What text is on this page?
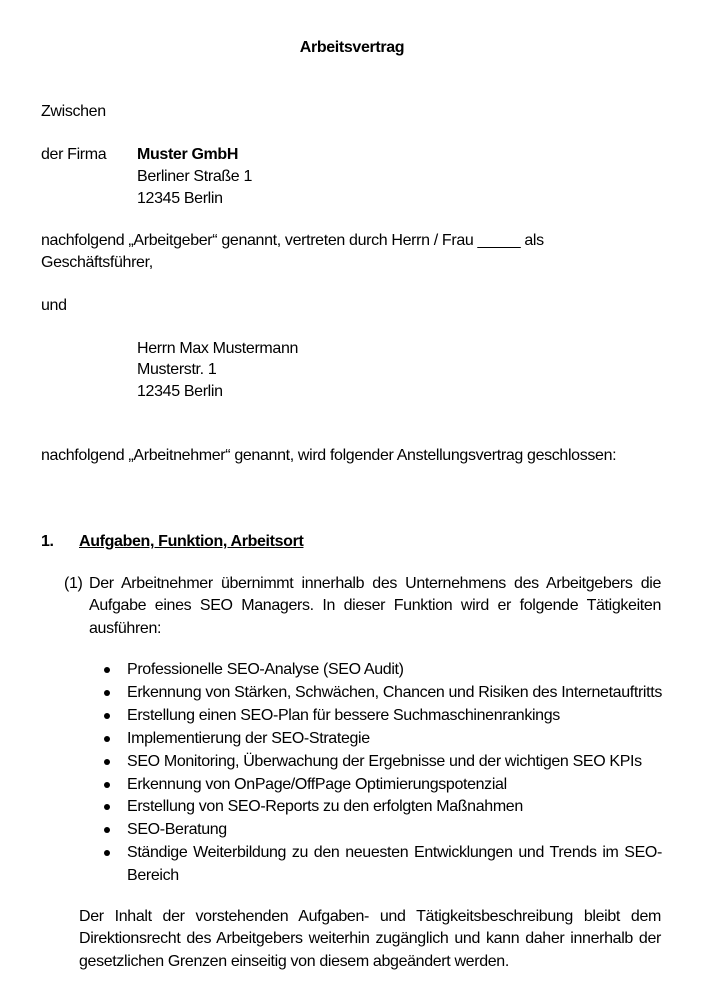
Arbeitsvertrag
Zwischen
der Firma Muster GmbH
Berliner Straße 1
12345 Berlin
nachfolgend „Arbeitgeber“ genannt, vertreten durch Herrn / Frau _____ als
Geschäftsführer,
und
Herrn Max Mustermann
Musterstr. 1
12345 Berlin
nachfolgend „Arbeitnehmer“ genannt, wird folgender Anstellungsvertrag geschlossen:
1. Aufgaben, Funktion, Arbeitsort
(1) Der Arbeitnehmer übernimmt innerhalb des Unternehmens des Arbeitgebers die Aufgabe eines SEO Managers. In dieser Funktion wird er folgende Tätigkeiten ausführen:
Professionelle SEO-Analyse (SEO Audit)
Erkennung von Stärken, Schwächen, Chancen und Risiken des Internetauftritts
Erstellung einen SEO-Plan für bessere Suchmaschinenrankings
Implementierung der SEO-Strategie
SEO Monitoring, Überwachung der Ergebnisse und der wichtigen SEO KPIs
Erkennung von OnPage/OffPage Optimierungspotenzial
Erstellung von SEO-Reports zu den erfolgten Maßnahmen
SEO-Beratung
Ständige Weiterbildung zu den neuesten Entwicklungen und Trends im SEO-Bereich
Der Inhalt der vorstehenden Aufgaben- und Tätigkeitsbeschreibung bleibt dem Direktionsrecht des Arbeitgebers weiterhin zugänglich und kann daher innerhalb der gesetzlichen Grenzen einseitig von diesem abgeändert werden.
